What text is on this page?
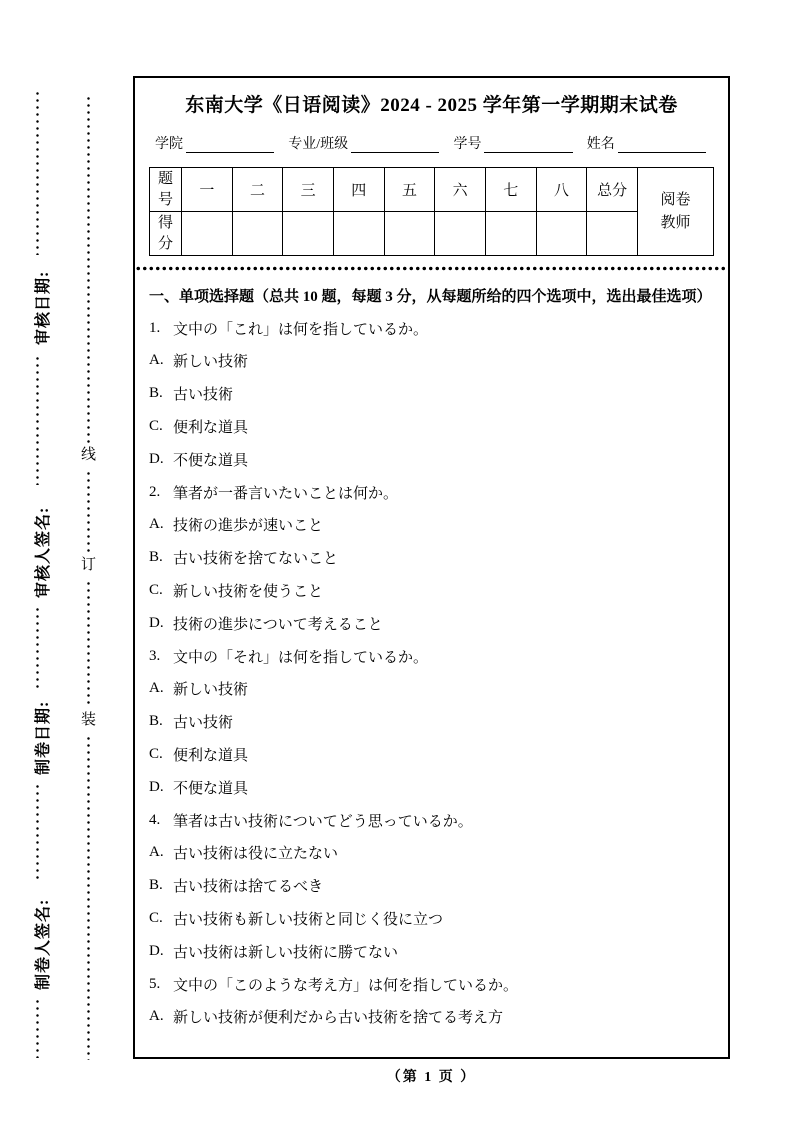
审核日期:
审核人签名:
制卷日期:
制卷人签名:
线
订
装
东南大学《日语阅读》2024 - 2025 学年第一学期期末试卷
学院	专业/班级	学号	姓名
题号	一	二	三	四	五	六	七	八	总分	阅卷教师
得分										
一、单项选择题（总共 10 题，每题 3 分，从每题所给的四个选项中，选出最佳选项）
1. 文中の「これ」は何を指しているか。
A. 新しい技術
B. 古い技術
C. 便利な道具
D. 不便な道具
2. 筆者が一番言いたいことは何か。
A. 技術の進歩が速いこと
B. 古い技術を捨てないこと
C. 新しい技術を使うこと
D. 技術の進歩について考えること
3. 文中の「それ」は何を指しているか。
A. 新しい技術
B. 古い技術
C. 便利な道具
D. 不便な道具
4. 筆者は古い技術についてどう思っているか。
A. 古い技術は役に立たない
B. 古い技術は捨てるべき
C. 古い技術も新しい技術と同じく役に立つ
D. 古い技術は新しい技術に勝てない
5. 文中の「このような考え方」は何を指しているか。
A. 新しい技術が便利だから古い技術を捨てる考え方
（第 1 页 ）
